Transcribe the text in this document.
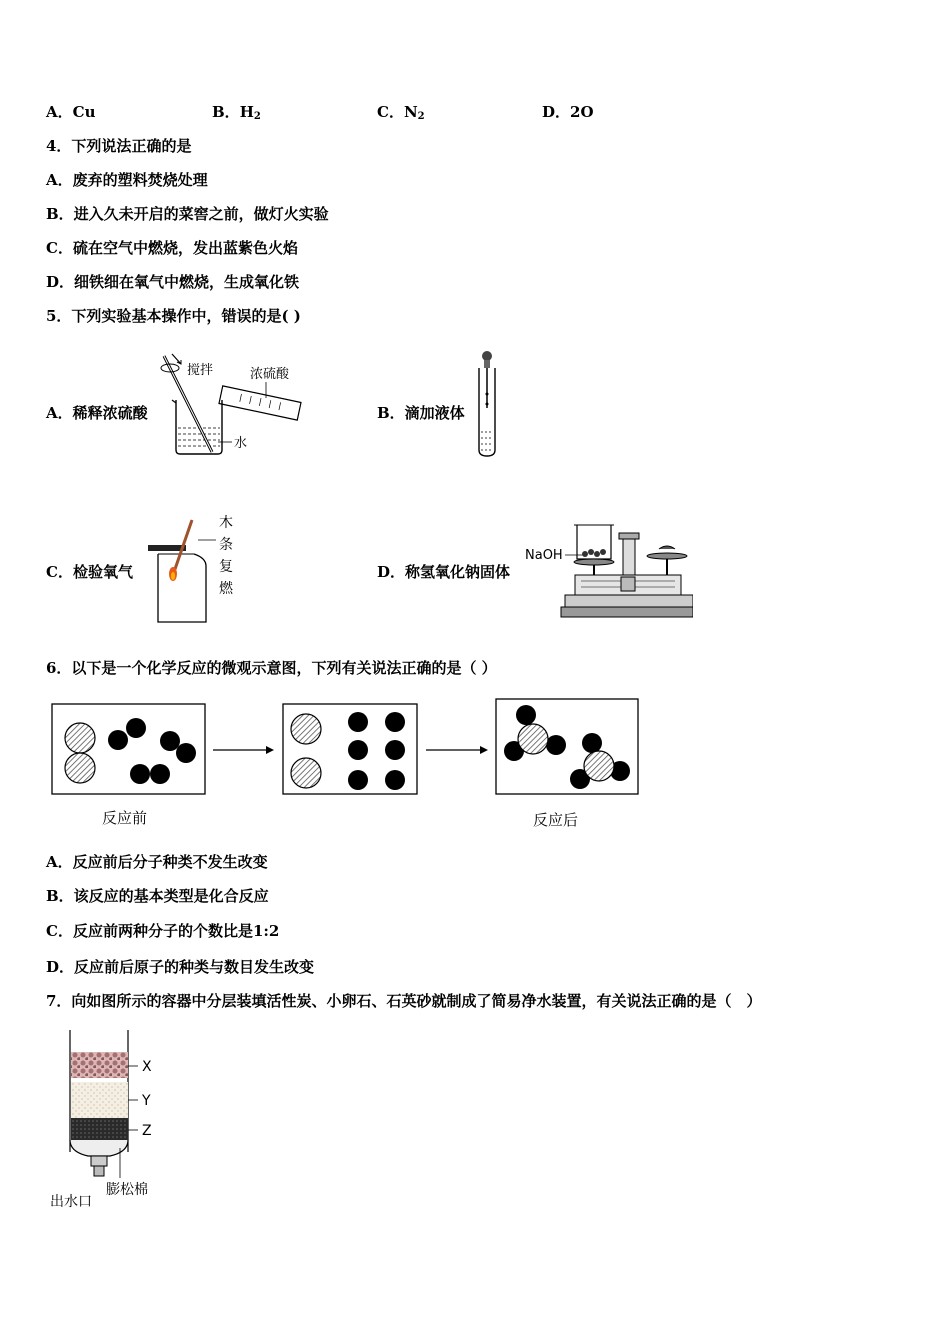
A．Cu	B．$H_2$	C．$N_2$	D．2O
4．下列说法正确的是
A．废弃的塑料焚烧处理
B．进入久未开启的菜窖之前，做灯火实验
C．硫在空气中燃烧，发出蓝紫色火焰
D．细铁细在氧气中燃烧，生成氧化铁
5．下列实验基本操作中，错误的是( )
A．稀释浓硫酸	B．滴加液体
C．检验氧气	D．称氢氧化钠固体
搅拌	浓硫酸
水
木
条
复
燃
NaOH
6．以下是一个化学反应的微观示意图，下列有关说法正确的是（ ）
反应前	反应后
A．反应前后分子种类不发生改变
B．该反应的基本类型是化合反应
C．反应前两种分子的个数比是1:2
D．反应前后原子的种类与数目发生改变
7．向如图所示的容器中分层装填活性炭、小卵石、石英砂就制成了简易净水装置，有关说法正确的是（　）
X
Y
Z
膨松棉
出水口
